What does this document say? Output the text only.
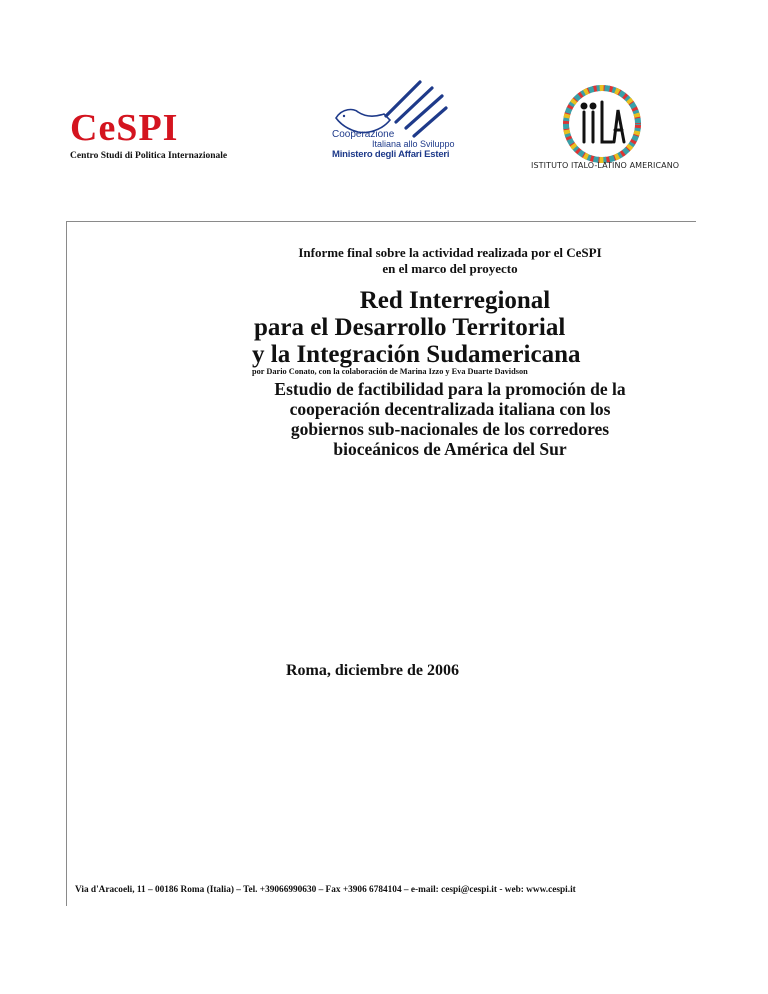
CeSPI
Centro Studi di Politica Internazionale
Cooperazione
Italiana allo Sviluppo
Ministero degli Affari Esteri
ISTITUTO ITALO-LATINO AMERICANO
Informe final sobre la actividad realizada por el CeSPI
en el marco del proyecto
Red Interregional
para el Desarrollo Territorial
y la Integración Sudamericana
por Dario Conato, con la colaboración de Marina Izzo y Eva Duarte Davidson
Estudio de factibilidad para la promoción de la
cooperación decentralizada italiana con los
gobiernos sub-nacionales de los corredores
bioceánicos de América del Sur
Roma, diciembre de 2006
Via d'Aracoeli, 11 – 00186 Roma (Italia) – Tel. +39066990630 – Fax +3906 6784104 – e-mail: cespi@cespi.it - web: www.cespi.it
